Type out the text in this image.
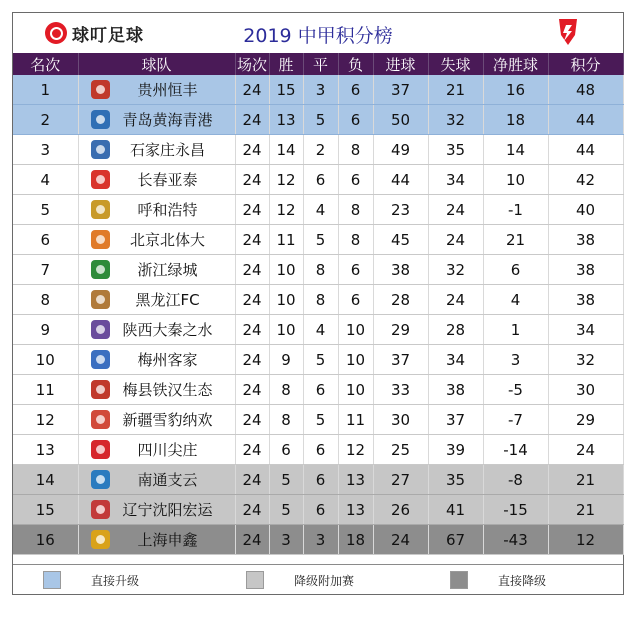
球叮足球	2019 中甲积分榜
名次	球队	场次	胜	平	负	进球	失球	净胜球	积分
1	贵州恒丰	24	15	3	6	37	21	16	48
2	青岛黄海青港	24	13	5	6	50	32	18	44
3	石家庄永昌	24	14	2	8	49	35	14	44
4	长春亚泰	24	12	6	6	44	34	10	42
5	呼和浩特	24	12	4	8	23	24	-1	40
6	北京北体大	24	11	5	8	45	24	21	38
7	浙江绿城	24	10	8	6	38	32	6	38
8	黑龙江FC	24	10	8	6	28	24	4	38
9	陕西大秦之水	24	10	4	10	29	28	1	34
10	梅州客家	24	9	5	10	37	34	3	32
11	梅县铁汉生态	24	8	6	10	33	38	-5	30
12	新疆雪豹纳欢	24	8	5	11	30	37	-7	29
13	四川尖庄	24	6	6	12	25	39	-14	24
14	南通支云	24	5	6	13	27	35	-8	21
15	辽宁沈阳宏运	24	5	6	13	26	41	-15	21
16	上海申鑫	24	3	3	18	24	67	-43	12
直接升级	降级附加赛	直接降级
